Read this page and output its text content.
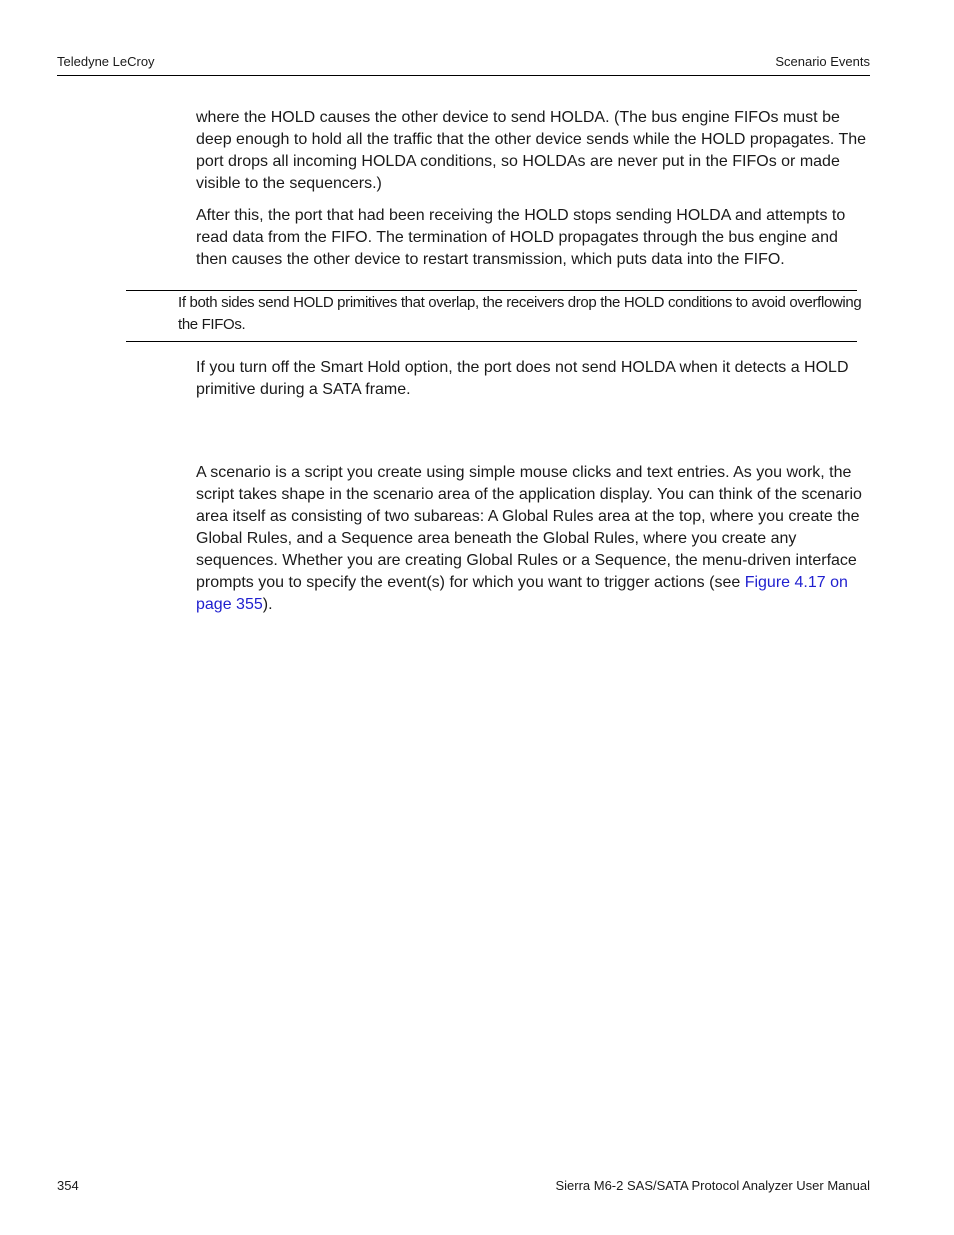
Teledyne LeCroy	Scenario Events

where the HOLD causes the other device to send HOLDA. (The bus engine FIFOs must be deep enough to hold all the traffic that the other device sends while the HOLD propagates. The port drops all incoming HOLDA conditions, so HOLDAs are never put in the FIFOs or made visible to the sequencers.)

After this, the port that had been receiving the HOLD stops sending HOLDA and attempts to read data from the FIFO. The termination of HOLD propagates through the bus engine and then causes the other device to restart transmission, which puts data into the FIFO.

If both sides send HOLD primitives that overlap, the receivers drop the HOLD conditions to avoid overflowing the FIFOs.

If you turn off the Smart Hold option, the port does not send HOLDA when it detects a HOLD primitive during a SATA frame.

A scenario is a script you create using simple mouse clicks and text entries. As you work, the script takes shape in the scenario area of the application display. You can think of the scenario area itself as consisting of two subareas: A Global Rules area at the top, where you create the Global Rules, and a Sequence area beneath the Global Rules, where you create any sequences. Whether you are creating Global Rules or a Sequence, the menu-driven interface prompts you to specify the event(s) for which you want to trigger actions (see Figure 4.17 on page 355).

354	Sierra M6-2 SAS/SATA Protocol Analyzer User Manual
